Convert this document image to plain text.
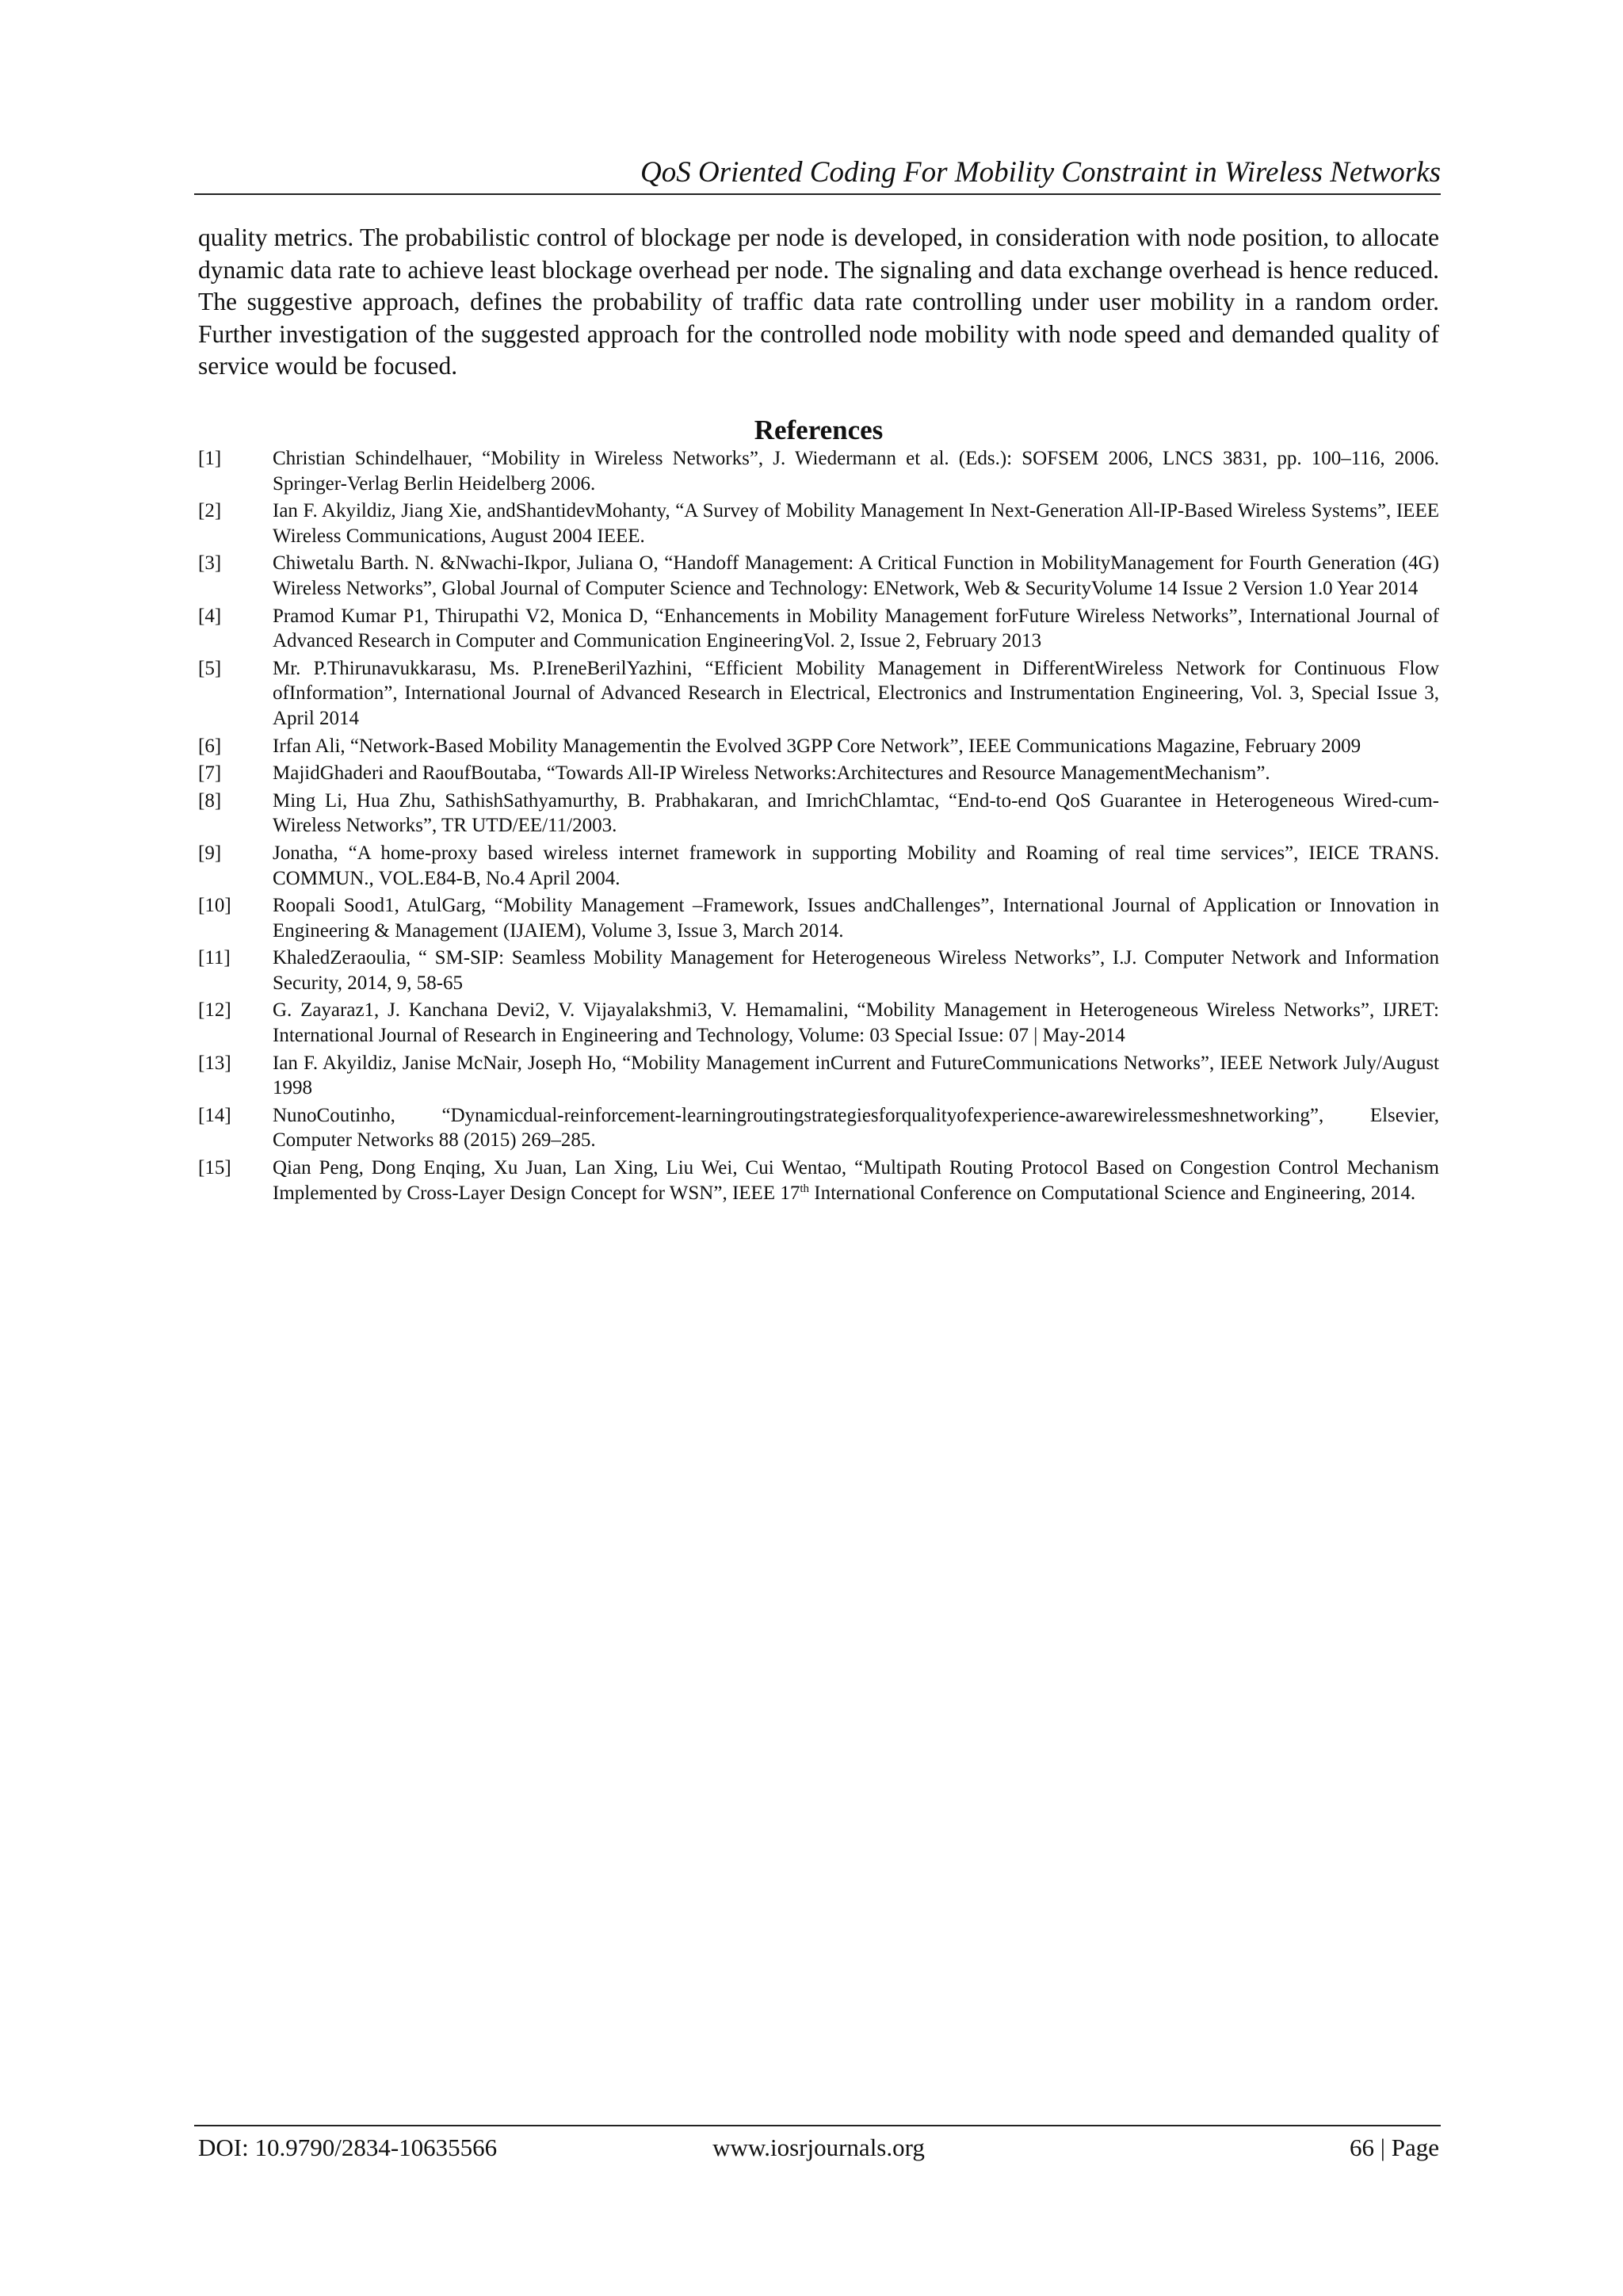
QoS Oriented Coding For Mobility Constraint in Wireless Networks

quality metrics. The probabilistic control of blockage per node is developed, in consideration with node position, to allocate dynamic data rate to achieve least blockage overhead per node. The signaling and data exchange overhead is hence reduced. The suggestive approach, defines the probability of traffic data rate controlling under user mobility in a random order. Further investigation of the suggested approach for the controlled node mobility with node speed and demanded quality of service would be focused.

References
[1]	Christian Schindelhauer, “Mobility in Wireless Networks”, J. Wiedermann et al. (Eds.): SOFSEM 2006, LNCS 3831, pp. 100–116, 2006. Springer-Verlag Berlin Heidelberg 2006.
[2]	Ian F. Akyildiz, Jiang Xie, andShantidevMohanty, “A Survey of Mobility Management In Next-Generation All-IP-Based Wireless Systems”, IEEE Wireless Communications, August 2004 IEEE.
[3]	Chiwetalu Barth. N. &Nwachi-Ikpor, Juliana O, “Handoff Management: A Critical Function in MobilityManagement for Fourth Generation (4G) Wireless Networks”, Global Journal of Computer Science and Technology: ENetwork, Web & SecurityVolume 14 Issue 2 Version 1.0 Year 2014
[4]	Pramod Kumar P1, Thirupathi V2, Monica D, “Enhancements in Mobility Management forFuture Wireless Networks”, International Journal of Advanced Research in Computer and Communication EngineeringVol. 2, Issue 2, February 2013
[5]	Mr. P.Thirunavukkarasu, Ms. P.IreneBerilYazhini, “Efficient Mobility Management in DifferentWireless Network for Continuous Flow ofInformation”, International Journal of Advanced Research in Electrical, Electronics and Instrumentation Engineering, Vol. 3, Special Issue 3, April 2014
[6]	Irfan Ali, “Network-Based Mobility Managementin the Evolved 3GPP Core Network”, IEEE Communications Magazine, February 2009
[7]	MajidGhaderi and RaoufBoutaba, “Towards All-IP Wireless Networks:Architectures and Resource ManagementMechanism”.
[8]	Ming Li, Hua Zhu, SathishSathyamurthy, B. Prabhakaran, and ImrichChlamtac, “End-to-end QoS Guarantee in Heterogeneous Wired-cum-Wireless Networks”, TR UTD/EE/11/2003.
[9]	Jonatha, “A home-proxy based wireless internet framework in supporting Mobility and Roaming of real time services”, IEICE TRANS. COMMUN., VOL.E84-B, No.4 April 2004.
[10] Roopali Sood1, AtulGarg, “Mobility Management –Framework, Issues andChallenges”, International Journal of Application or Innovation in Engineering & Management (IJAIEM), Volume 3, Issue 3, March 2014.
[11] KhaledZeraoulia, “ SM-SIP: Seamless Mobility Management for Heterogeneous Wireless Networks”, I.J. Computer Network and Information Security, 2014, 9, 58-65
[12] G. Zayaraz1, J. Kanchana Devi2, V. Vijayalakshmi3, V. Hemamalini, “Mobility Management in Heterogeneous Wireless Networks”, IJRET: International Journal of Research in Engineering and Technology, Volume: 03 Special Issue: 07 | May-2014
[13] Ian F. Akyildiz, Janise McNair, Joseph Ho, “Mobility Management inCurrent and FutureCommunications Networks”, IEEE Network July/August 1998
[14] NunoCoutinho, “Dynamicdual-reinforcement-learningroutingstrategiesforqualityofexperience-awarewirelessmeshnetworking”, Elsevier, Computer Networks 88 (2015) 269–285.
[15] Qian Peng, Dong Enqing, Xu Juan, Lan Xing, Liu Wei, Cui Wentao, “Multipath Routing Protocol Based on Congestion Control Mechanism Implemented by Cross-Layer Design Concept for WSN”, IEEE 17th International Conference on Computational Science and Engineering, 2014.
DOI: 10.9790/2834-10635566	www.iosrjournals.org	66 | Page
